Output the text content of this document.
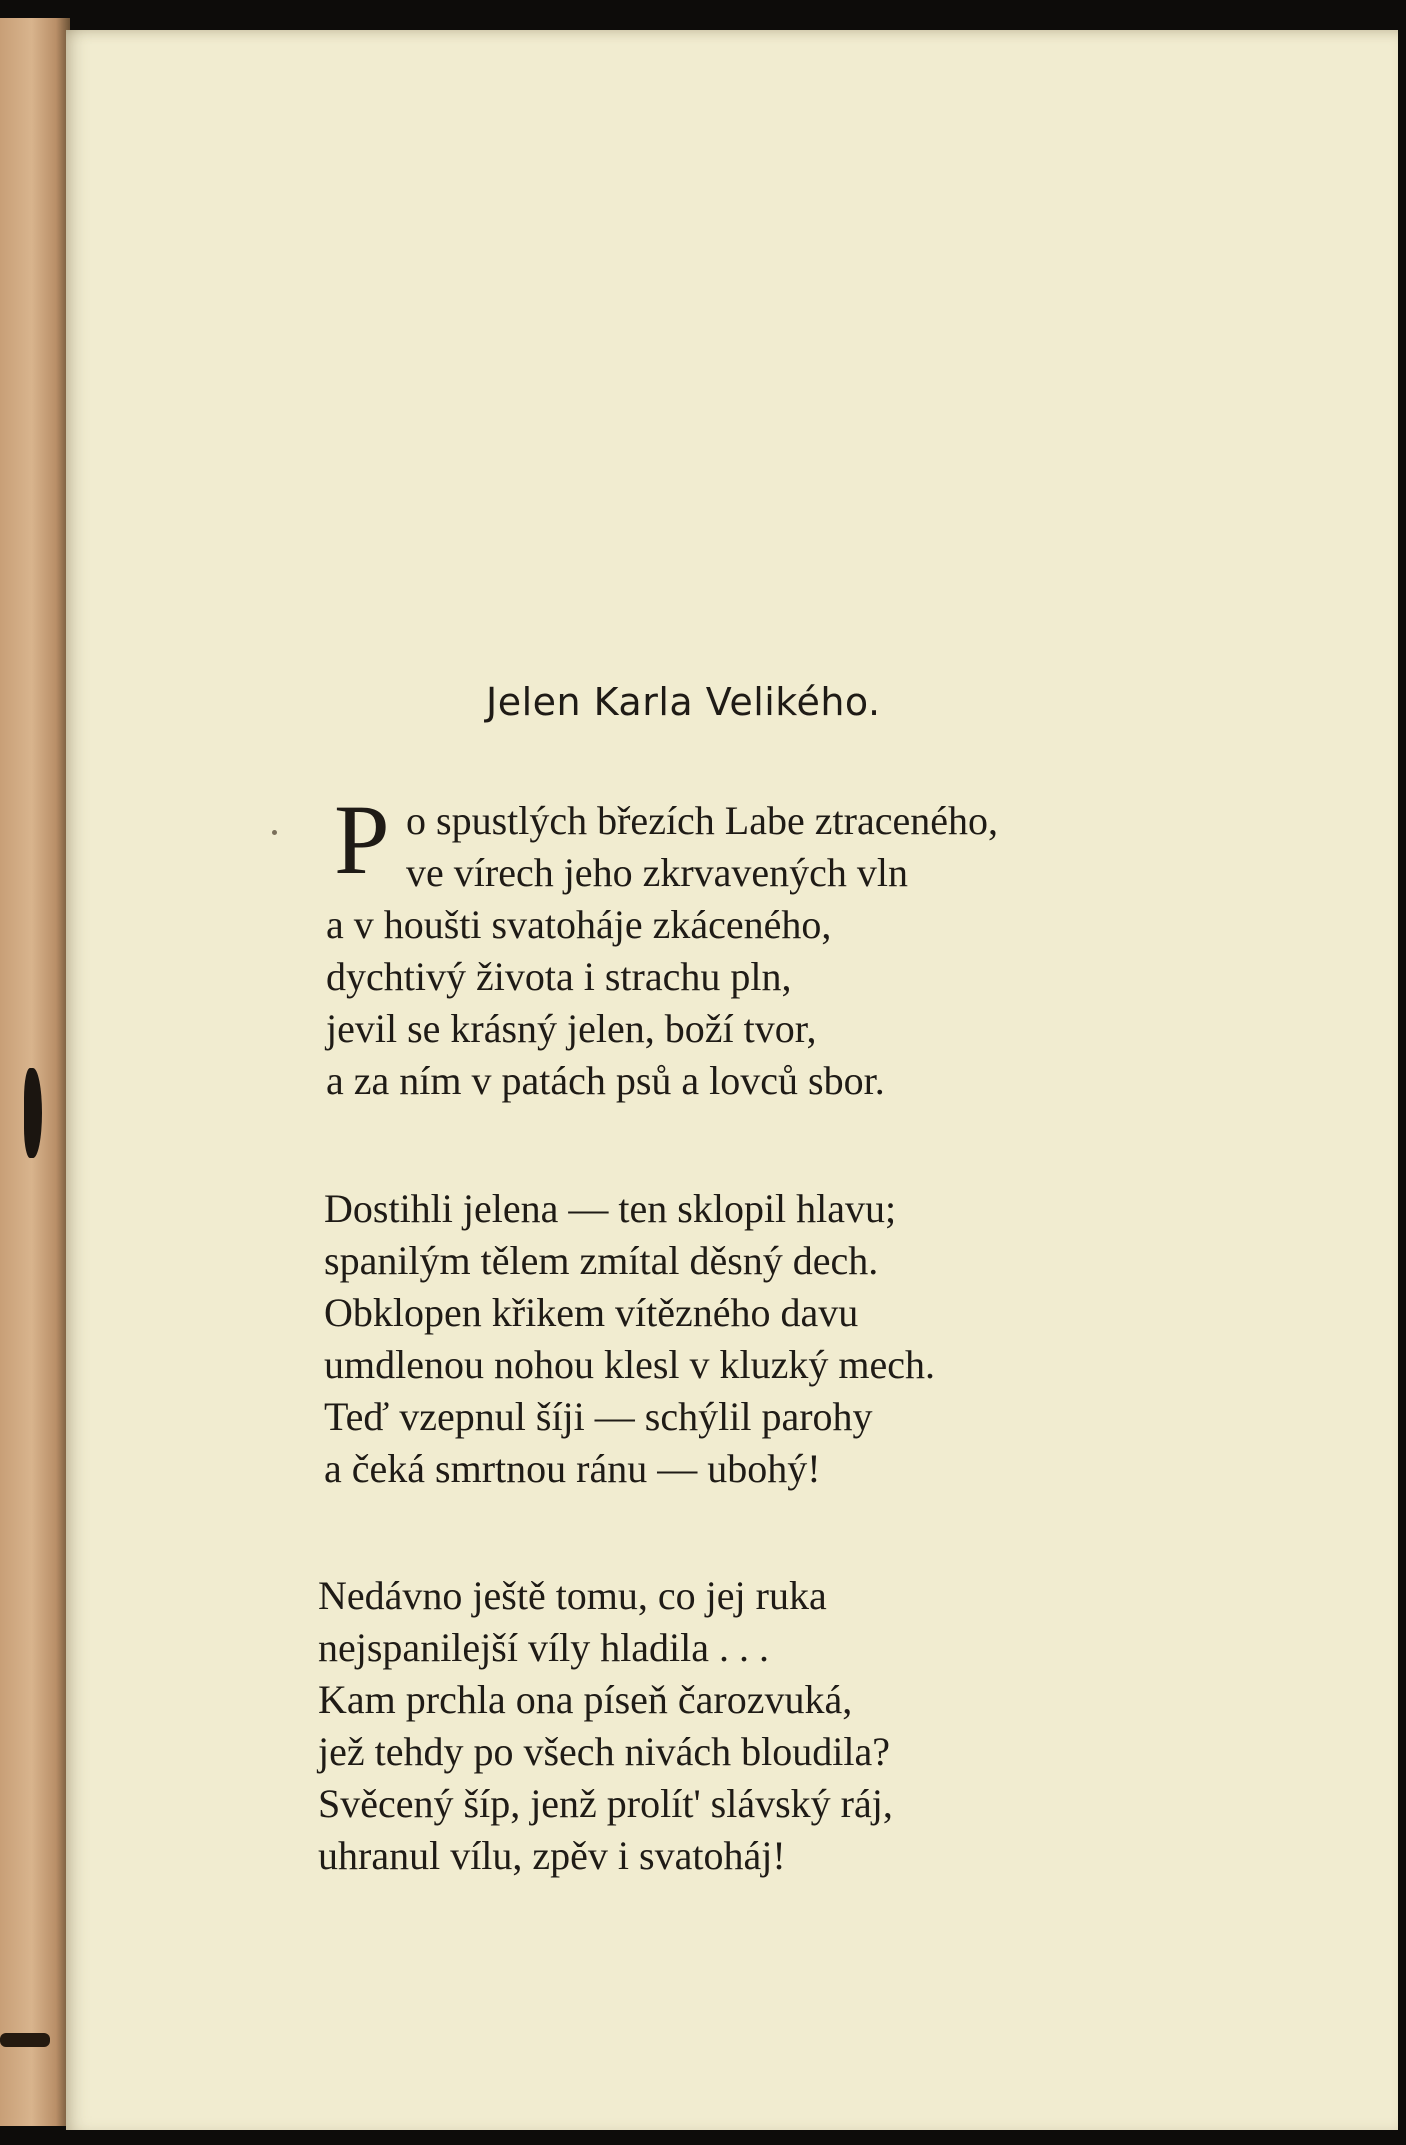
Jelen Karla Velikého.
P o spustlých březích Labe ztraceného,
ve vírech jeho zkrvavených vln
a v houšti svatoháje zkáceného,
dychtivý života i strachu pln,
jevil se krásný jelen, boží tvor,
a za ním v patách psů a lovců sbor.
Dostihli jelena — ten sklopil hlavu;
spanilým tělem zmítal děsný dech.
Obklopen křikem vítězného davu
umdlenou nohou klesl v kluzký mech.
Teď vzepnul šíji — schýlil parohy
a čeká smrtnou ránu — ubohý!
Nedávno ještě tomu, co jej ruka
nejspanilejší víly hladila . . .
Kam prchla ona píseň čarozvuká,
jež tehdy po všech nivách bloudila?
Svěcený šíp, jenž prolít' slávský ráj,
uhranul vílu, zpěv i svatoháj!
